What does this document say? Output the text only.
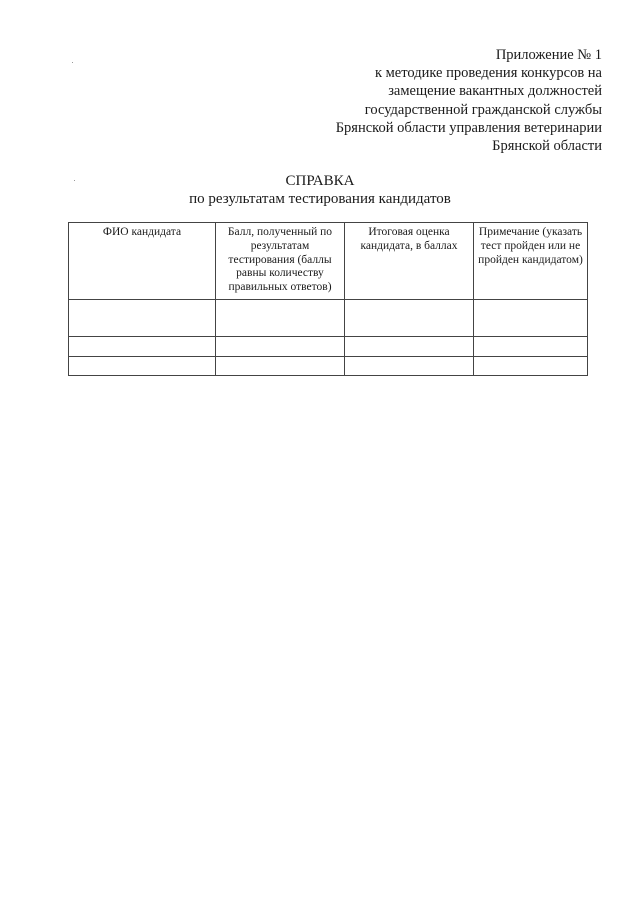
Приложение № 1
к методике проведения конкурсов на
замещение вакантных должностей
государственной гражданской службы
Брянской области управления ветеринарии
Брянской области
СПРАВКА
по результатам тестирования кандидатов
ФИО кандидата	Балл, полученный по результатам тестирования (баллы равны количеству правильных ответов)	Итоговая оценка кандидата, в баллах	Примечание (указать тест пройден или не пройден кандидатом)
